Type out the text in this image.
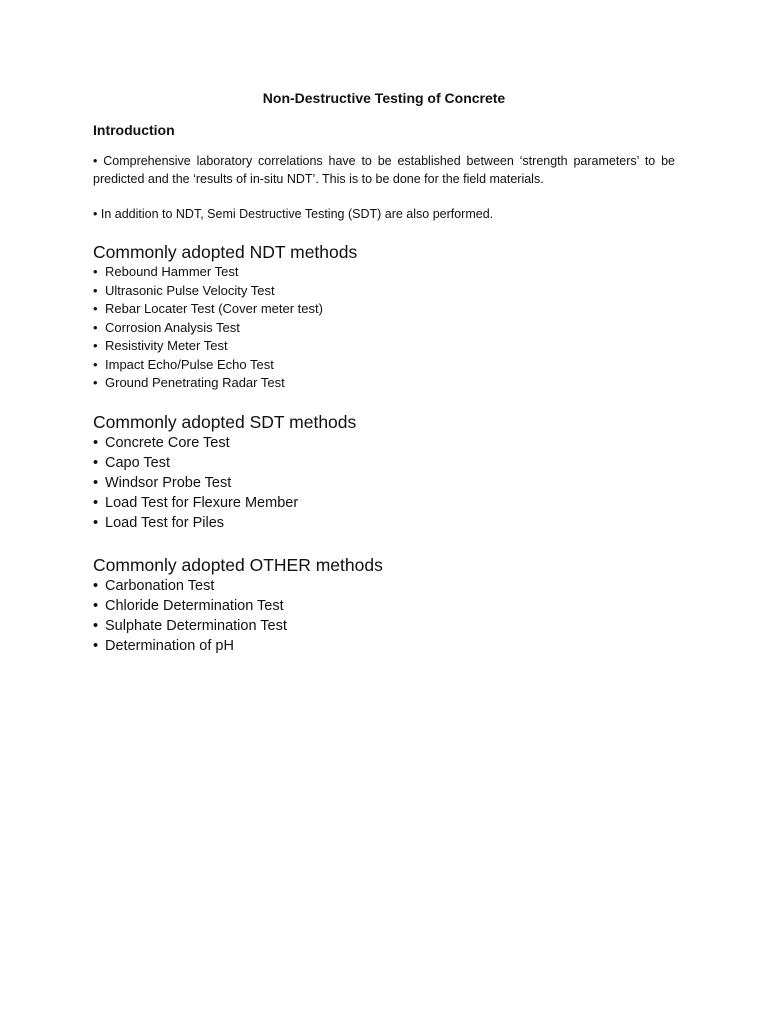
Non-Destructive Testing of Concrete
Introduction

• Comprehensive laboratory correlations have to be established between ‘strength parameters’ to be predicted and the ‘results of in-situ NDT’. This is to be done for the field materials.

• In addition to NDT, Semi Destructive Testing (SDT) are also performed.

Commonly adopted NDT methods
• Rebound Hammer Test
• Ultrasonic Pulse Velocity Test
• Rebar Locater Test (Cover meter test)
• Corrosion Analysis Test
• Resistivity Meter Test
• Impact Echo/Pulse Echo Test
• Ground Penetrating Radar Test
Commonly adopted SDT methods
• Concrete Core Test
• Capo Test
• Windsor Probe Test
• Load Test for Flexure Member
• Load Test for Piles
Commonly adopted OTHER methods
• Carbonation Test
• Chloride Determination Test
• Sulphate Determination Test
• Determination of pH
